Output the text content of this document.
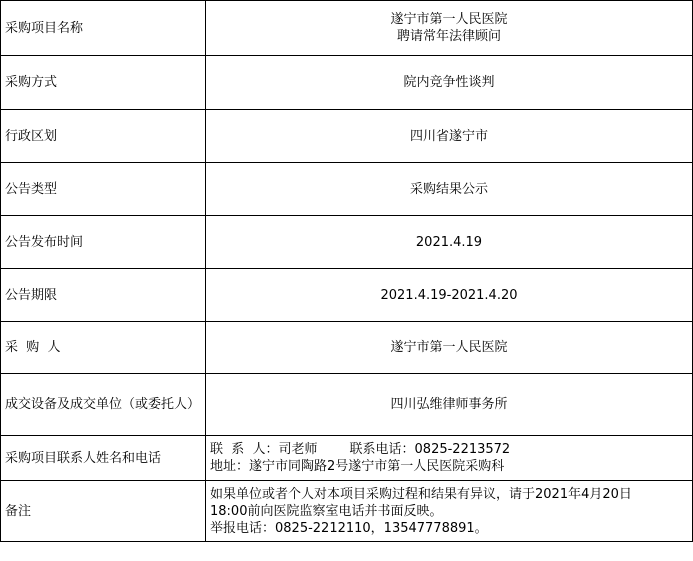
采购项目名称	遂宁市第一人民医院
聘请常年法律顾问

采购方式	院内竞争性谈判
行政区划	四川省遂宁市
公告类型	采购结果公示
公告发布时间	2021.4.19
公告期限	2021.4.19-2021.4.20
采  购  人	遂宁市第一人民医院
成交设备及成交单位（或委托人）	四川弘维律师事务所
采购项目联系人姓名和电话	联  系  人：司老师 联系电话：0825-2213572
地址：遂宁市同陶路2号遂宁市第一人民医院采购科

备注	如果单位或者个人对本项目采购过程和结果有异议，请于2021年4月20日
18:00前向医院监察室电话并书面反映。
举报电话：0825-2212110，13547778891。
